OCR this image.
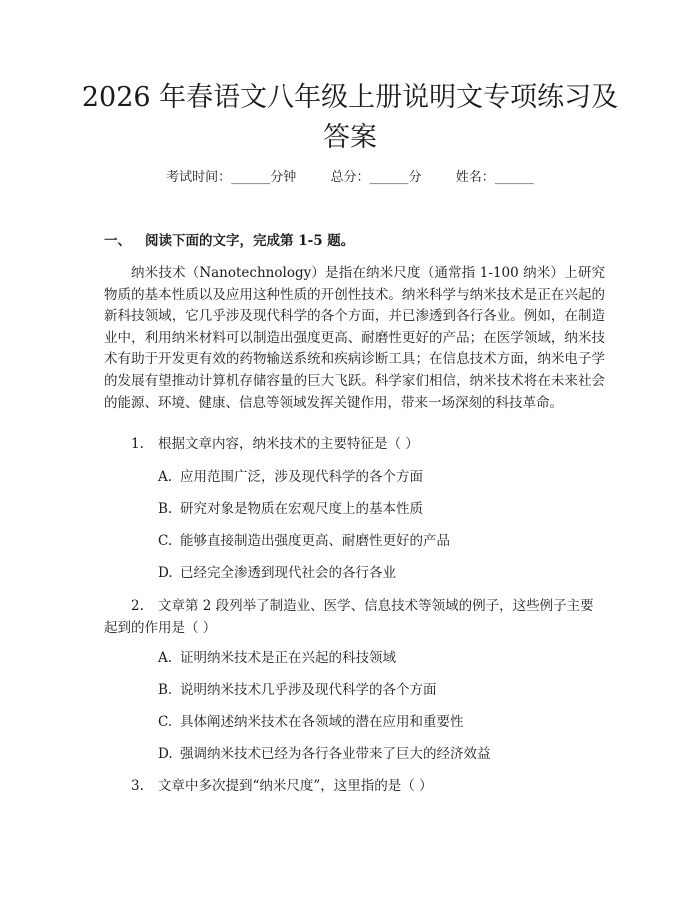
2026 年春语文八年级上册说明文专项练习及
答案
考试时间：______分钟	总分：______分	姓名：______
一、 阅读下面的文字，完成第 1-5 题。
纳米技术（Nanotechnology）是指在纳米尺度（通常指 1-100 纳米）上研究物质的基本性质以及应用这种性质的开创性技术。纳米科学与纳米技术是正在兴起的新科技领域，它几乎涉及现代科学的各个方面，并已渗透到各行各业。例如，在制造业中，利用纳米材料可以制造出强度更高、耐磨性更好的产品；在医学领域，纳米技术有助于开发更有效的药物输送系统和疾病诊断工具；在信息技术方面，纳米电子学的发展有望推动计算机存储容量的巨大飞跃。科学家们相信，纳米技术将在未来社会的能源、环境、健康、信息等领域发挥关键作用，带来一场深刻的科技革命。
1. 根据文章内容，纳米技术的主要特征是（ ）
A. 应用范围广泛，涉及现代科学的各个方面
B. 研究对象是物质在宏观尺度上的基本性质
C. 能够直接制造出强度更高、耐磨性更好的产品
D. 已经完全渗透到现代社会的各行各业
2. 文章第 2 段列举了制造业、医学、信息技术等领域的例子，这些例子主要起到的作用是（ ）
A. 证明纳米技术是正在兴起的科技领域
B. 说明纳米技术几乎涉及现代科学的各个方面
C. 具体阐述纳米技术在各领域的潜在应用和重要性
D. 强调纳米技术已经为各行各业带来了巨大的经济效益
3. 文章中多次提到“纳米尺度”，这里指的是（ ）
